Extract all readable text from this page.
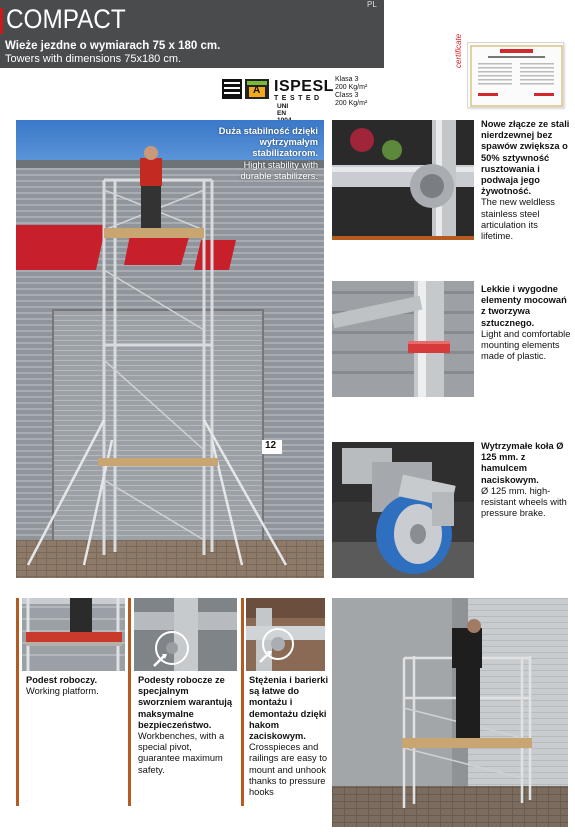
COMPACT
Wieże jezdne o wymiarach 75 x 180 cm.
Towers with dimensions 75x180 cm.
PL
certificate
A ISPESL
TESTED
UNI EN
Klasa 3
200 Kg/m²
Class 3
200 Kg/m²
12
Duża stabilność dzięki wytrzymałym stabilizatorom.
Hight stability with durable stabilizers.
Nowe złącze ze stali nierdzewnej bez spawów zwiększa o 50% sztywność rusztowania i podwaja jego żywotność.
The new weldless stainless steel articulation its lifetime.
Lekkie i wygodne elementy mocowań z tworzywa sztucznego.
Light and comfortable mounting elements made of plastic.
Wytrzymałe koła Ø 125 mm. z hamulcem naciskowym.
Ø 125 mm. high-resistant wheels with pressure brake.
Podest roboczy.
Working platform.
Podesty robocze ze specjalnym sworzniem warantują maksymalne bezpieczeństwo.
Workbenches, with a special pivot, guarantee maximum safety.
Stężenia i barierki są łatwe do montażu i demontażu dzięki hakom zaciskowym.
Crosspieces and railings are easy to mount and unhook thanks to pressure hooks
